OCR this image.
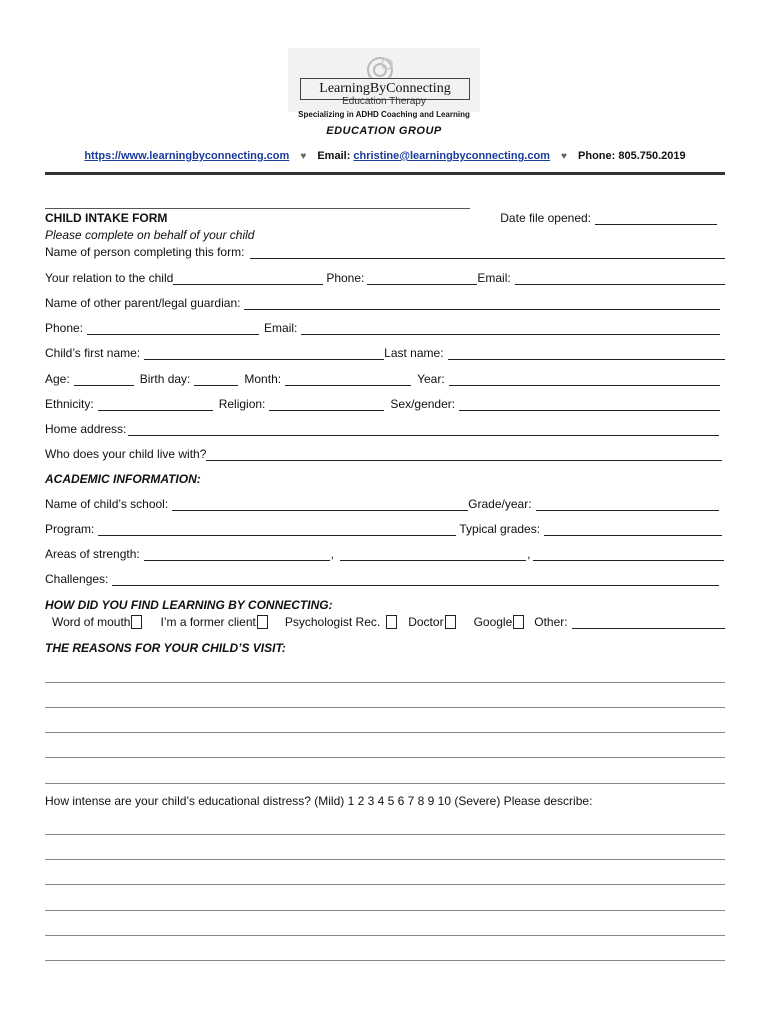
LearningByConnecting
Education Therapy
Specializing in ADHD Coaching and Learning
EDUCATION GROUP
https://www.learningbyconnecting.com ♥ Email: christine@learningbyconnecting.com ♥ Phone: 805.750.2019
CHILD INTAKE FORM	Date file opened:
Please complete on behalf of your child
Name of person completing this form:
Your relation to the child	Phone:	Email:
Name of other parent/legal guardian:
Phone:	Email:
Child’s first name:	Last name:
Age:	Birth day:	Month:	Year:
Ethnicity:	Religion:	Sex/gender:
Home address:
Who does your child live with?
ACADEMIC INFORMATION:
Name of child’s school:	Grade/year:
Program:	Typical grades:
Areas of strength:	,	,
Challenges:
HOW DID YOU FIND LEARNING BY CONNECTING:
Word of mouth	I’m a former client Psychologist Rec. Doctor	Google Other:
THE REASONS FOR YOUR CHILD’S VISIT:
How intense are your child’s educational distress? (Mild) 1 2 3 4 5 6 7 8 9 10 (Severe) Please describe:
